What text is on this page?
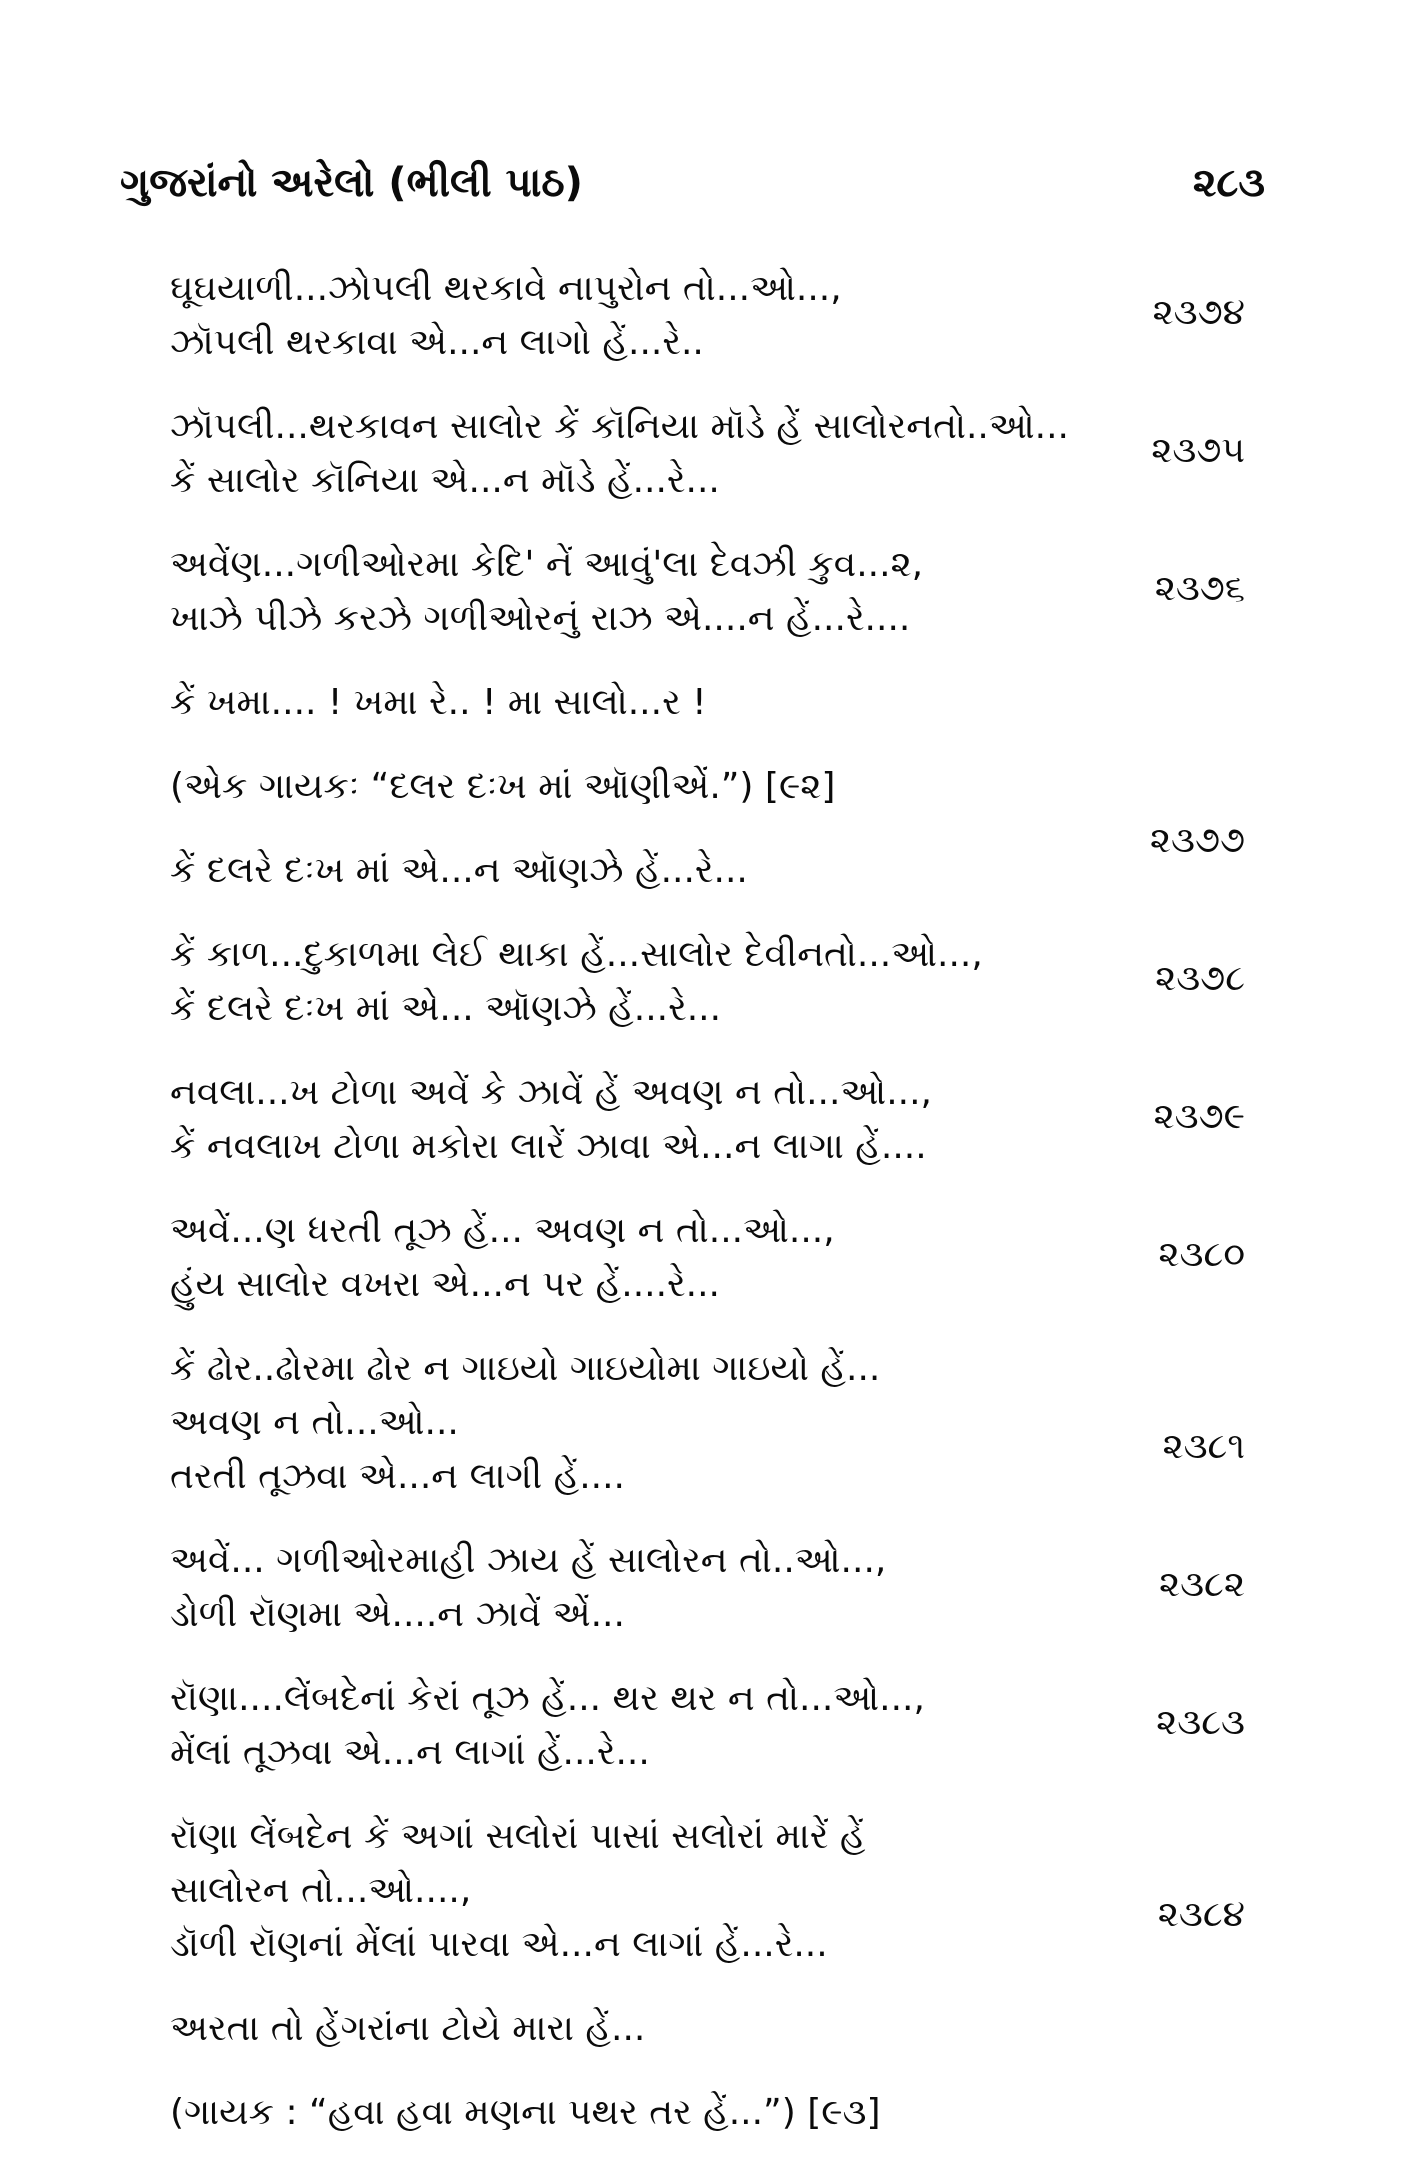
ગુજરાંનો અરેલો (ભીલી પાઠ)	૨૮૩
ઘૂઘયાળી...ઝોપલી થરકાવે નાપુરોન તો...ઓ...,
ઝૉપલી થરકાવા એ...ન લાગો હેં...રે..
૨૩૭૪
ઝૉપલી...થરકાવન સાલોર કેં કૉનિયા મૉડે હેં સાલોરનતો..ઓ...
કેં સાલોર કૉનિયા એ...ન મૉડે હેં...રે...
૨૩૭૫
અવેંણ...ગળીઓરમા કેદિ' નેં આવું'લા દેવઝી કુવ...૨,
ખાઝે પીઝે કરઝે ગળીઓરનું રાઝ એ....ન હેં...રે....
૨૩૭૬
કેં ખમા.... ! ખમા રે.. ! મા સાલો...ર !
(એક ગાયકઃ “દલર દઃખ માં ઑણીએં.”) [૯૨]
કેં દલરે દઃખ માં એ...ન ઑણઝે હેં...રે...
૨૩૭૭
કેં કાળ...દુકાળમા લેઈ થાકા હેં...સાલોર દેવીનતો...ઓ...,
કેં દલરે દઃખ માં એ... ઑણઝે હેં...રે...
૨૩૭૮
નવલા...ખ ટોળા અવેં કે ઝાવેં હેં અવણ ન તો...ઓ...,
કેં નવલાખ ટોળા મકોરા લારેં ઝાવા એ...ન લાગા હેં....
૨૩૭૯
અવેં...ણ ધરતી તૂઝ હેં... અવણ ન તો...ઓ...,
હુંય સાલોર વખરા એ...ન પર હેં....રે...
૨૩૮૦
કેં ઢોર..ઢોરમા ઢોર ન ગાઇયો ગાઇયોમા ગાઇયો હેં...
અવણ ન તો...ઓ...
તરતી તૂઝવા એ...ન લાગી હેં....
૨૩૮૧
અવેં... ગળીઓરમાહી ઝાય હેં સાલોરન તો..ઓ...,
ડોળી રૉણમા એ....ન ઝાવેં એં...
૨૩૮૨
રૉણા....લેંબદેનાં કેરાં તૂઝ હેં... થર થર ન તો...ઓ...,
મેંલાં તૂઝવા એ...ન લાગાં હેં...રે...
૨૩૮૩
રૉણા લેંબદેન કેં અગાં સલોરાં પાસાં સલોરાં મારેં હેં
સાલોરન તો...ઓ....,
ડૉળી રૉણનાં મેંલાં પારવા એ...ન લાગાં હેં...રે...
૨૩૮૪
અરતા તો હેંગરાંના ટોયે મારા હેં...
(ગાયક : “હવા હવા મણના પથર તર હેં...”) [૯૩]
